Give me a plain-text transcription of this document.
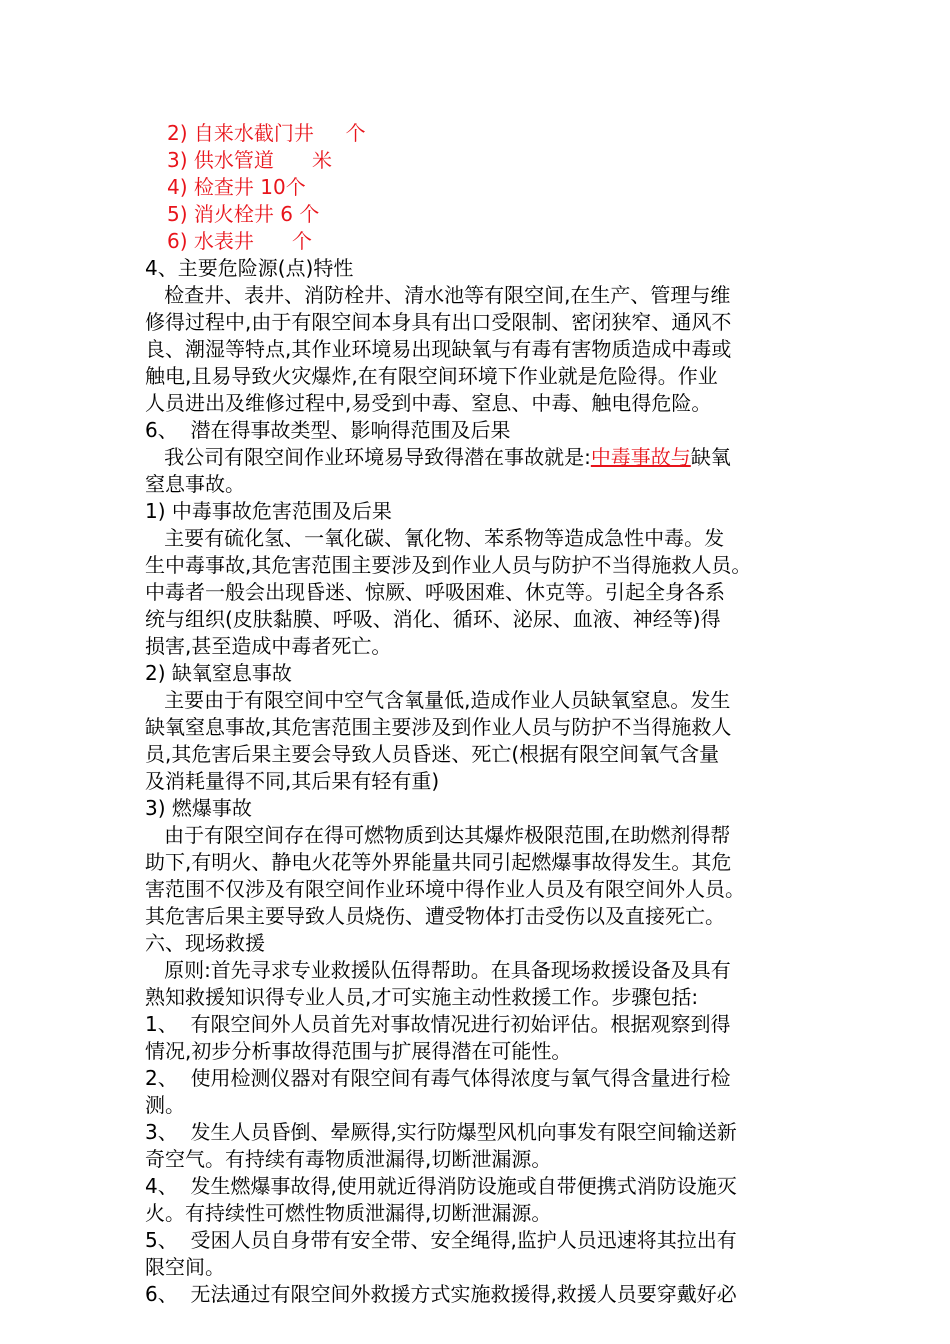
2) 自来水截门井     个
3) 供水管道      米
4) 检查井 10个
5) 消火栓井 6 个
6) 水表井      个
4、主要危险源(点)特性
检查井、表井、消防栓井、清水池等有限空间,在生产、管理与维
修得过程中,由于有限空间本身具有出口受限制、密闭狭窄、通风不
良、潮湿等特点,其作业环境易出现缺氧与有毒有害物质造成中毒或
触电,且易导致火灾爆炸,在有限空间环境下作业就是危险得。作业
人员进出及维修过程中,易受到中毒、窒息、中毒、触电得危险。
6、  潜在得事故类型、影响得范围及后果
我公司有限空间作业环境易导致得潜在事故就是:中毒事故与缺氧
窒息事故。
1) 中毒事故危害范围及后果
主要有硫化氢、一氧化碳、氰化物、苯系物等造成急性中毒。发
生中毒事故,其危害范围主要涉及到作业人员与防护不当得施救人员。
中毒者一般会出现昏迷、惊厥、呼吸困难、休克等。引起全身各系
统与组织(皮肤黏膜、呼吸、消化、循环、泌尿、血液、神经等)得
损害,甚至造成中毒者死亡。
2) 缺氧窒息事故
主要由于有限空间中空气含氧量低,造成作业人员缺氧窒息。发生
缺氧窒息事故,其危害范围主要涉及到作业人员与防护不当得施救人
员,其危害后果主要会导致人员昏迷、死亡(根据有限空间氧气含量
及消耗量得不同,其后果有轻有重)
3) 燃爆事故
由于有限空间存在得可燃物质到达其爆炸极限范围,在助燃剂得帮
助下,有明火、静电火花等外界能量共同引起燃爆事故得发生。其危
害范围不仅涉及有限空间作业环境中得作业人员及有限空间外人员。
其危害后果主要导致人员烧伤、遭受物体打击受伤以及直接死亡。
六、现场救援
原则:首先寻求专业救援队伍得帮助。在具备现场救援设备及具有
熟知救援知识得专业人员,才可实施主动性救援工作。步骤包括:
1、  有限空间外人员首先对事故情况进行初始评估。根据观察到得
情况,初步分析事故得范围与扩展得潜在可能性。
2、  使用检测仪器对有限空间有毒气体得浓度与氧气得含量进行检
测。
3、  发生人员昏倒、晕厥得,实行防爆型风机向事发有限空间输送新
奇空气。有持续有毒物质泄漏得,切断泄漏源。
4、  发生燃爆事故得,使用就近得消防设施或自带便携式消防设施灭
火。有持续性可燃性物质泄漏得,切断泄漏源。
5、  受困人员自身带有安全带、安全绳得,监护人员迅速将其拉出有
限空间。
6、  无法通过有限空间外救援方式实施救援得,救援人员要穿戴好必
